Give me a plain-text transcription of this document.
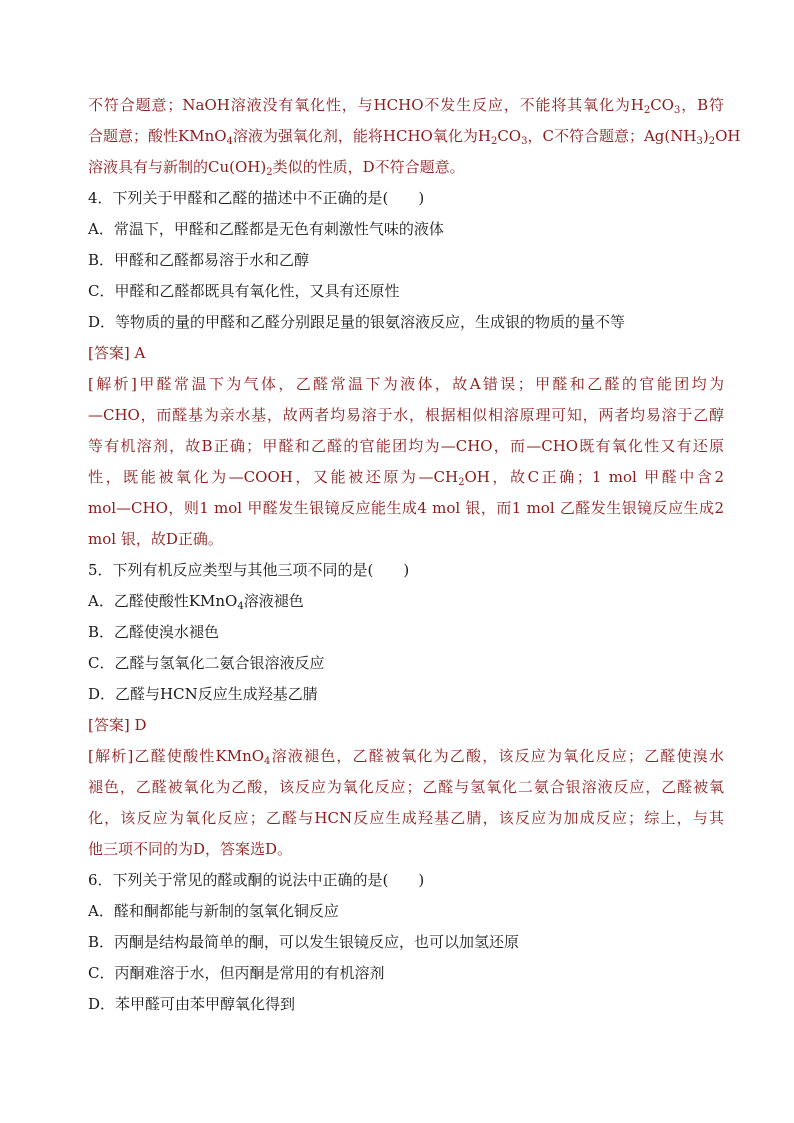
不符合题意；NaOH溶液没有氧化性，与HCHO不发生反应，不能将其氧化为$H_2CO_3$，B符
合题意；酸性KMnO$_4$溶液为强氧化剂，能将HCHO氧化为$H_2CO_3$，C不符合题意；$Ag(NH_3)_2OH$
溶液具有与新制的$Cu(OH)_2$类似的性质，D不符合题意。
4．下列关于甲醛和乙醛的描述中不正确的是(　　)
A．常温下，甲醛和乙醛都是无色有刺激性气味的液体
B．甲醛和乙醛都易溶于水和乙醇
C．甲醛和乙醛都既具有氧化性，又具有还原性
D．等物质的量的甲醛和乙醛分别跟足量的银氨溶液反应，生成银的物质的量不等
[答案] A
[解析]甲醛常温下为气体，乙醛常温下为液体，故A错误；甲醛和乙醛的官能团均为
—CHO，而醛基为亲水基，故两者均易溶于水，根据相似相溶原理可知，两者均易溶于乙醇
等有机溶剂，故B正确；甲醛和乙醛的官能团均为—CHO，而—CHO既有氧化性又有还原
性，既能被氧化为—COOH，又能被还原为$—CH_2OH$，故C正确；1 mol 甲醛中含2
mol—CHO，则1 mol 甲醛发生银镜反应能生成4 mol 银，而1 mol 乙醛发生银镜反应生成2
mol 银，故D正确。
5．下列有机反应类型与其他三项不同的是(　　)
A．乙醛使酸性KMnO$_4$溶液褪色
B．乙醛使溴水褪色
C．乙醛与氢氧化二氨合银溶液反应
D．乙醛与HCN反应生成羟基乙腈
[答案] D
[解析]乙醛使酸性KMnO$_4$溶液褪色，乙醛被氧化为乙酸，该反应为氧化反应；乙醛使溴水
褪色，乙醛被氧化为乙酸，该反应为氧化反应；乙醛与氢氧化二氨合银溶液反应，乙醛被氧
化，该反应为氧化反应；乙醛与HCN反应生成羟基乙腈，该反应为加成反应；综上，与其
他三项不同的为D，答案选D。
6．下列关于常见的醛或酮的说法中正确的是(　　)
A．醛和酮都能与新制的氢氧化铜反应
B．丙酮是结构最简单的酮，可以发生银镜反应，也可以加氢还原
C．丙酮难溶于水，但丙酮是常用的有机溶剂
D．苯甲醛可由苯甲醇氧化得到
